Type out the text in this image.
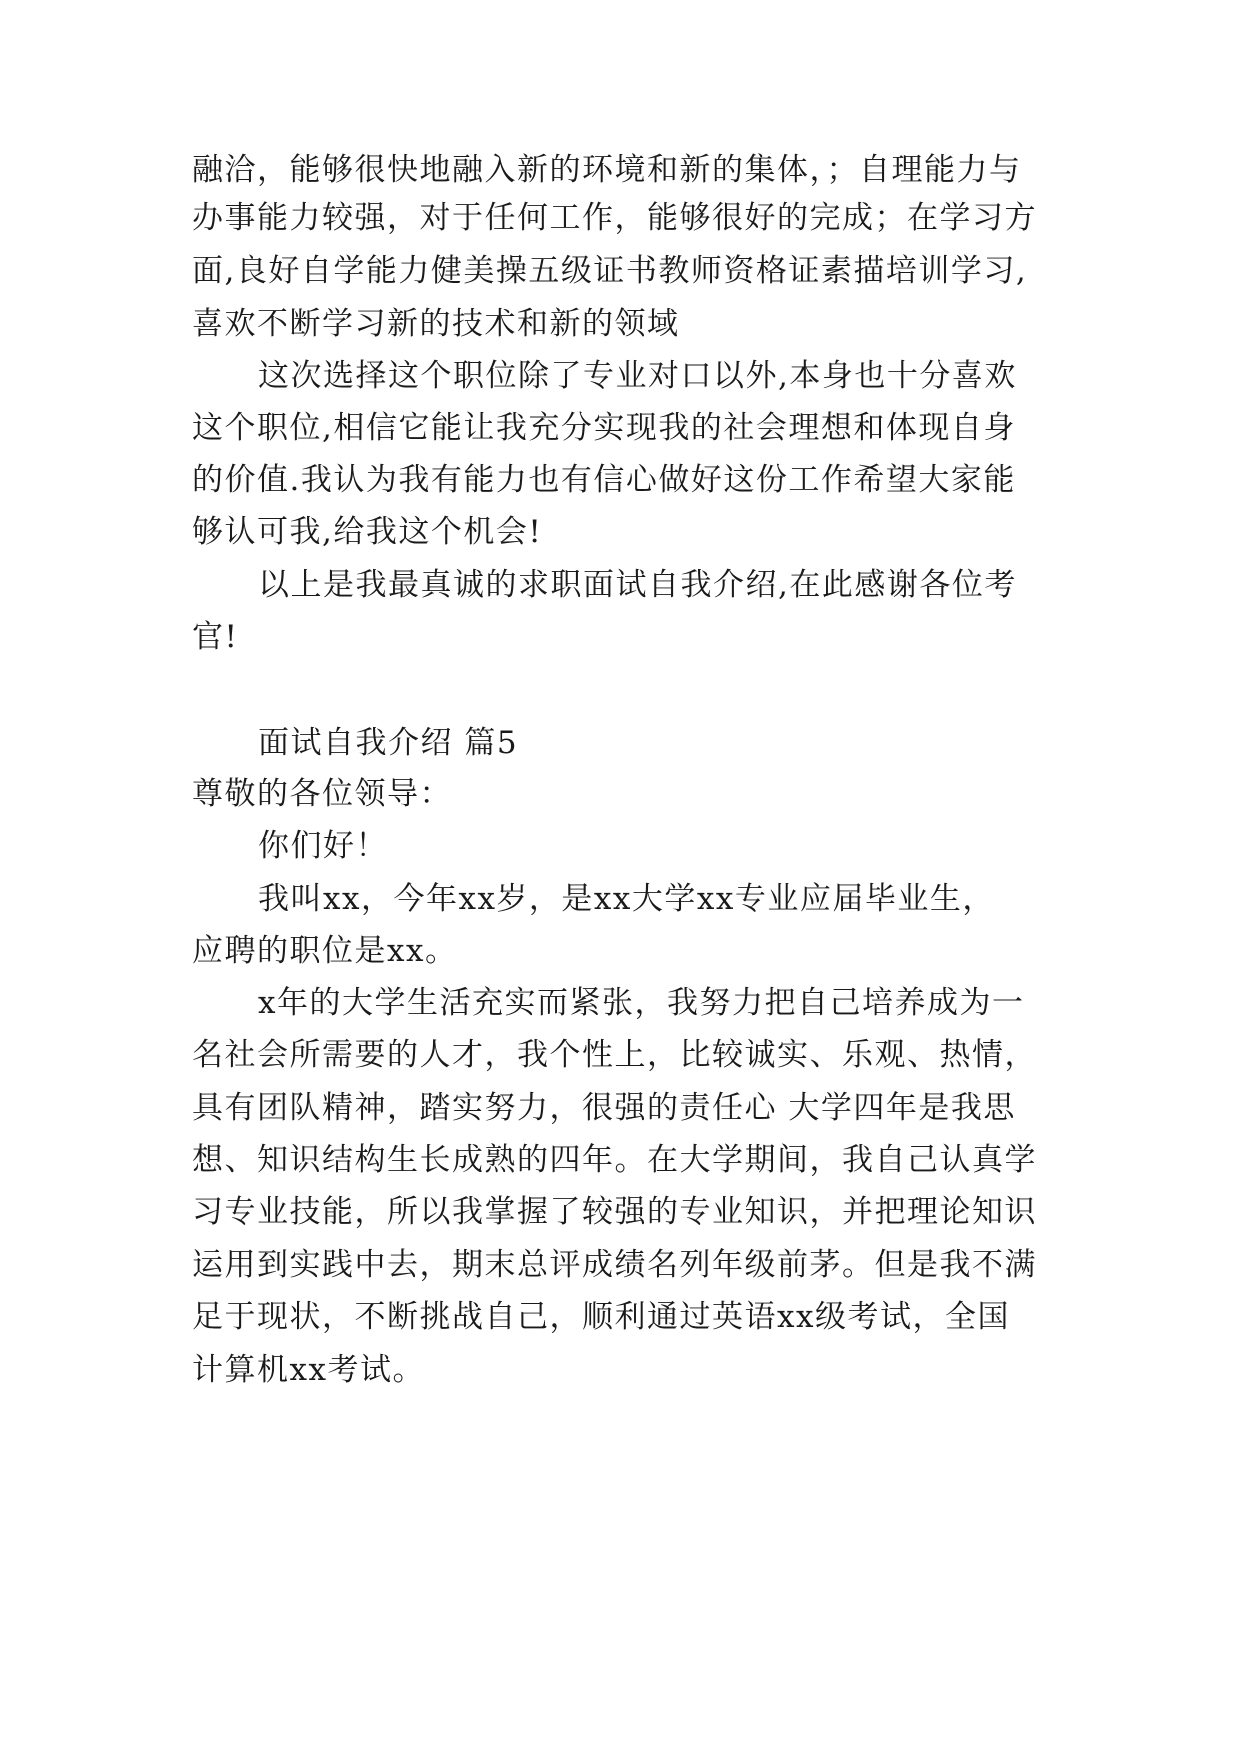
融洽，能够很快地融入新的环境和新的集体，；自理能力与
办事能力较强，对于任何工作，能够很好的完成；在学习方
面,良好自学能力健美操五级证书教师资格证素描培训学习,
喜欢不断学习新的技术和新的领域
这次选择这个职位除了专业对口以外,本身也十分喜欢
这个职位,相信它能让我充分实现我的社会理想和体现自身
的价值.我认为我有能力也有信心做好这份工作希望大家能
够认可我,给我这个机会!
以上是我最真诚的求职面试自我介绍,在此感谢各位考
官!
面试自我介绍 篇5
尊敬的各位领导：
你们好！
我叫xx，今年xx岁，是xx大学xx专业应届毕业生，
应聘的职位是xx。
x年的大学生活充实而紧张，我努力把自己培养成为一
名社会所需要的人才，我个性上，比较诚实、乐观、热情，
具有团队精神，踏实努力，很强的责任心 大学四年是我思
想、知识结构生长成熟的四年。在大学期间，我自己认真学
习专业技能，所以我掌握了较强的专业知识，并把理论知识
运用到实践中去，期末总评成绩名列年级前茅。但是我不满
足于现状，不断挑战自己，顺利通过英语xx级考试，全国
计算机xx考试。
